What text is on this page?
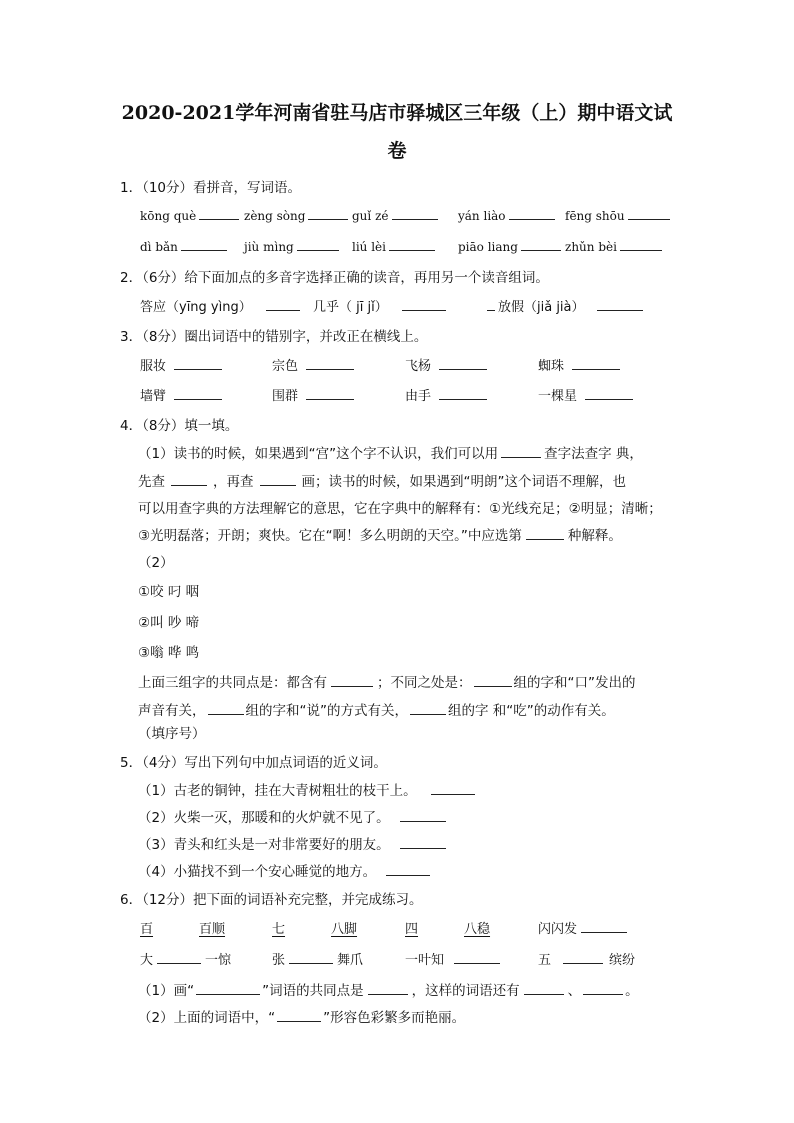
2020-2021学年河南省驻马店市驿城区三年级（上）期中语文试
卷
1．（10分）看拼音，写词语。
kōng què	zèng sòng	guǐ zé	yán liào	fēng shōu
dì bǎn	jiù mìng	liú lèi	piāo liang	zhǔn bèi
2．（6分）给下面加点的多音字选择正确的读音，再用另一个读音组词。
答应（yīng yìng）	几乎（ jī jǐ）	放假（jiǎ jià）
3．（8分）圈出词语中的错别字，并改正在横线上。
服妆	宗色	飞杨	蜘珠
墙臂	围群	由手	一棵星
4．（8分）填一填。
（1）读书的时候，如果遇到“宫”这个字不认识，我们可以用	查字法查字 典，
先查	，再查	画；读书的时候，如果遇到“明朗”这个词语不理解，也
可以用查字典的方法理解它的意思，它在字典中的解释有：①光线充足；②明显；清晰；
③光明磊落；开朗；爽快。它在“啊！多么明朗的天空。”中应选第	种解释。
（2）
①咬 叼 咽
②叫 吵 啼
③嗡 哗 鸣
上面三组字的共同点是：都含有	；不同之处是：	组的字和“口”发出的
声音有关，	组的字和“说”的方式有关，	组的字 和“吃”的动作有关。
（填序号）
5．（4分）写出下列句中加点词语的近义词。
（1）古老的铜钟，挂在大青树粗壮的枝干上。
（2）火柴一灭，那暖和的火炉就不见了。
（3）青头和红头是一对非常要好的朋友。
（4）小猫找不到一个安心睡觉的地方。
6．（12分）把下面的词语补充完整，并完成练习。
百	百顺	七	八脚	四	八稳	闪闪发
大	一惊	张	舞爪	一叶知	五	缤纷
（1）画“	”词语的共同点是	，这样的词语还有	、	。
（2）上面的词语中，“	”形容色彩繁多而艳丽。
